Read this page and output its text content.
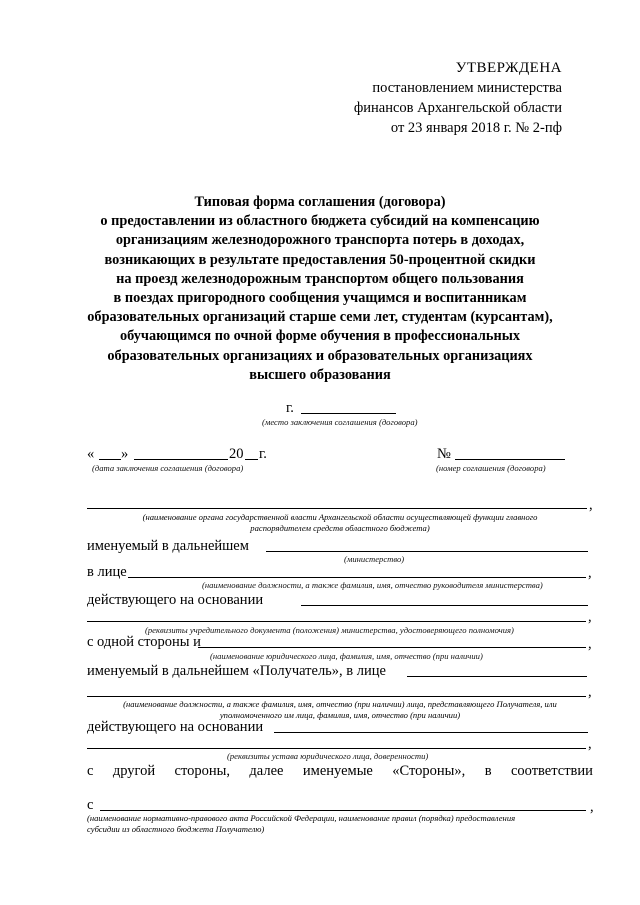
УТВЕРЖДЕНА
постановлением министерства
финансов Архангельской области
от 23 января 2018 г. № 2-пф
Типовая форма соглашения (договора)
о предоставлении из областного бюджета субсидий на компенсацию
организациям железнодорожного транспорта потерь в доходах,
возникающих в результате предоставления 50-процентной скидки
на проезд железнодорожным транспортом общего пользования
в поездах пригородного сообщения учащимся и воспитанникам
образовательных организаций старше семи лет, студентам (курсантам),
обучающимся по очной форме обучения в профессиональных
образовательных организациях и образовательных организациях
высшего образования
г.
(место заключения соглашения (договора)
« »	20 г.
(дата заключения соглашения (договора)
№
(номер соглашения (договора)
,
(наименование органа государственной власти Архангельской области осуществляющей функции главного
распорядителем средств областного бюджета)
именуемый в дальнейшем
(министерство)
в лице	,
(наименование должности, а также фамилия, имя, отчество руководителя министерства)
действующего на основании
,
(реквизиты учредительного документа (положения) министерства, удостоверяющего полномочия)
с одной стороны и	,
(наименование юридического лица, фамилия, имя, отчество (при наличии)
именуемый в дальнейшем «Получатель», в лице
,
(наименование должности, а также фамилия, имя, отчество (при наличии) лица, представляющего Получателя, или
уполномоченного им лица, фамилия, имя, отчество (при наличии)
действующего на основании
,
(реквизиты устава юридического лица, доверенности)
с другой стороны, далее именуемые «Стороны», в соответствии
с	,
(наименование нормативно-правового акта Российской Федерации, наименование правил (порядка) предоставления
субсидии из областного бюджета Получателю)
